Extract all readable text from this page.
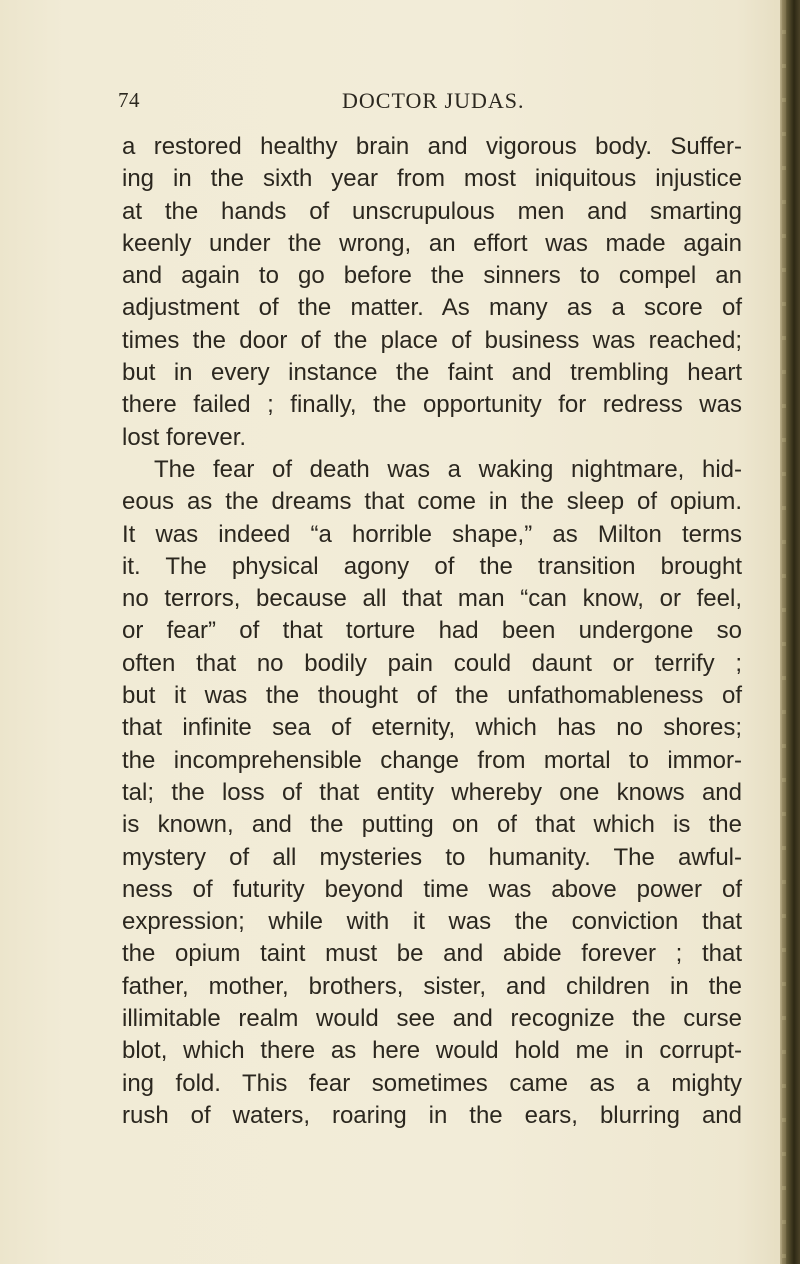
74	DOCTOR JUDAS.
a restored healthy brain and vigorous body. Suffer-
ing in the sixth year from most iniquitous injustice
at the hands of unscrupulous men and smarting
keenly under the wrong, an effort was made again
and again to go before the sinners to compel an
adjustment of the matter. As many as a score of
times the door of the place of business was reached;
but in every instance the faint and trembling heart
there failed ; finally, the opportunity for redress was
lost forever.
The fear of death was a waking nightmare, hid-
eous as the dreams that come in the sleep of opium.
It was indeed “a horrible shape,” as Milton terms
it. The physical agony of the transition brought
no terrors, because all that man “can know, or feel,
or fear” of that torture had been undergone so
often that no bodily pain could daunt or terrify ;
but it was the thought of the unfathomableness of
that infinite sea of eternity, which has no shores;
the incomprehensible change from mortal to immor-
tal; the loss of that entity whereby one knows and
is known, and the putting on of that which is the
mystery of all mysteries to humanity. The awful-
ness of futurity beyond time was above power of
expression; while with it was the conviction that
the opium taint must be and abide forever ; that
father, mother, brothers, sister, and children in the
illimitable realm would see and recognize the curse
blot, which there as here would hold me in corrupt-
ing fold. This fear sometimes came as a mighty
rush of waters, roaring in the ears, blurring and
